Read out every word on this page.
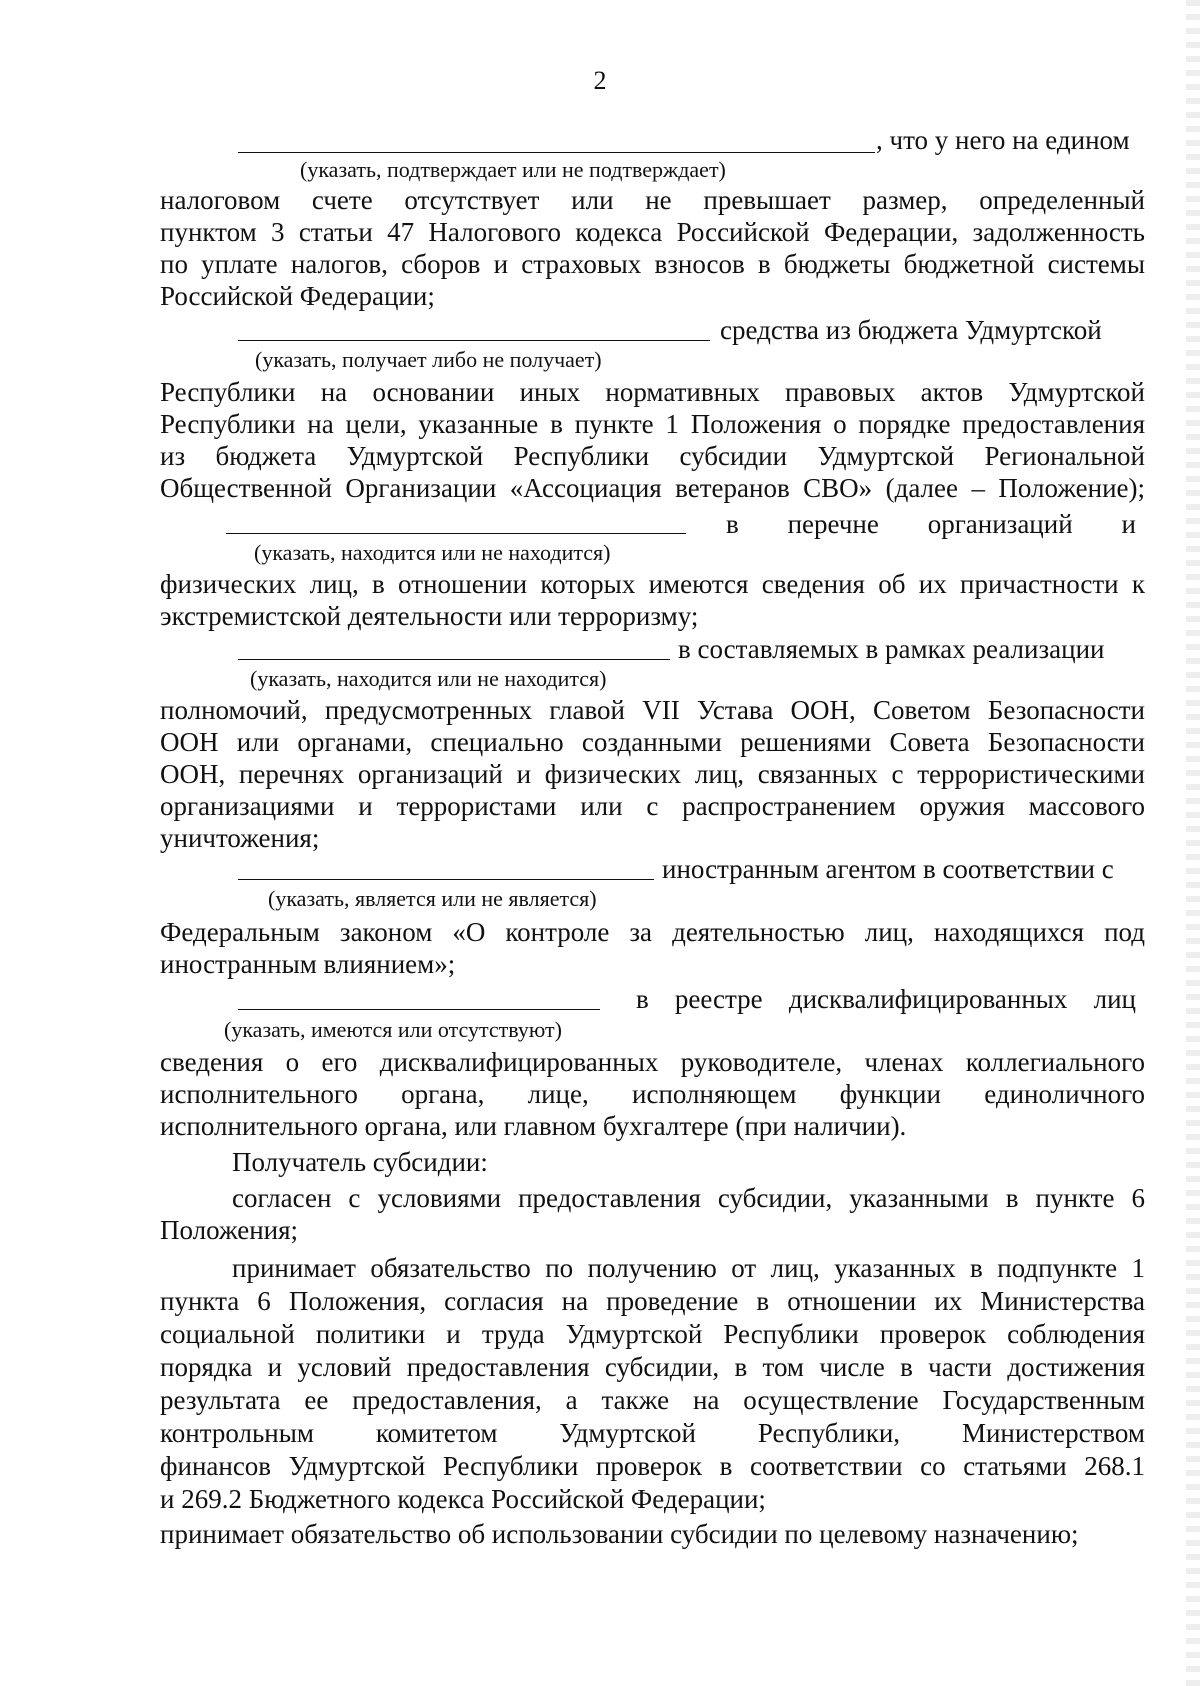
2
, что у него на едином
(указать, подтверждает или не подтверждает)
налоговом счете отсутствует или не превышает размер, определенный
пунктом 3 статьи 47 Налогового кодекса Российской Федерации, задолженность
по уплате налогов, сборов и страховых взносов в бюджеты бюджетной системы
Российской Федерации;
средства из бюджета Удмуртской
(указать, получает либо не получает)
Республики на основании иных нормативных правовых актов Удмуртской
Республики на цели, указанные в пункте 1 Положения о порядке предоставления
из бюджета Удмуртской Республики субсидии Удмуртской Региональной
Общественной Организации «Ассоциация ветеранов СВО» (далее – Положение);
в перечне организаций и
(указать, находится или не находится)
физических лиц, в отношении которых имеются сведения об их причастности к
экстремистской деятельности или терроризму;
в составляемых в рамках реализации
(указать, находится или не находится)
полномочий, предусмотренных главой VII Устава ООН, Советом Безопасности
ООН или органами, специально созданными решениями Совета Безопасности
ООН, перечнях организаций и физических лиц, связанных с террористическими
организациями и террористами или с распространением оружия массового
уничтожения;
иностранным агентом в соответствии с
(указать, является или не является)
Федеральным законом «О контроле за деятельностью лиц, находящихся под
иностранным влиянием»;
в реестре дисквалифицированных лиц
(указать, имеются или отсутствуют)
сведения о его дисквалифицированных руководителе, членах коллегиального
исполнительного органа, лице, исполняющем функции единоличного
исполнительного органа, или главном бухгалтере (при наличии).
Получатель субсидии:
согласен с условиями предоставления субсидии, указанными в пункте 6
Положения;
принимает обязательство по получению от лиц, указанных в подпункте 1
пункта 6 Положения, согласия на проведение в отношении их Министерства
социальной политики и труда Удмуртской Республики проверок соблюдения
порядка и условий предоставления субсидии, в том числе в части достижения
результата ее предоставления, а также на осуществление Государственным
контрольным комитетом Удмуртской Республики, Министерством
финансов Удмуртской Республики проверок в соответствии со статьями 268.1
и 269.2 Бюджетного кодекса Российской Федерации;
принимает обязательство об использовании субсидии по целевому назначению;
